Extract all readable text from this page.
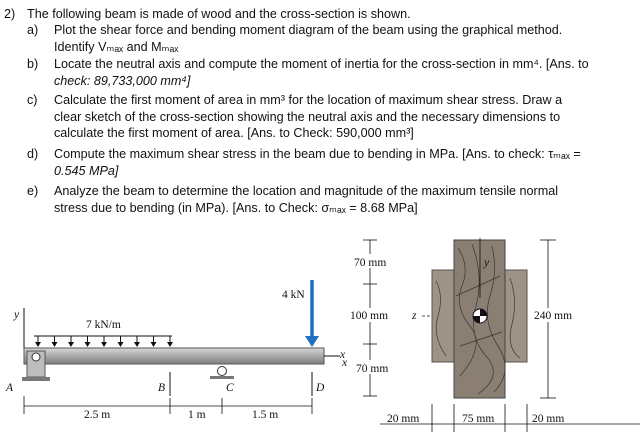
2) The following beam is made of wood and the cross-section is shown.
a) Plot the shear force and bending moment diagram of the beam using the graphical method.
Identify Vₘₐₓ and Mₘₐₓ
b) Locate the neutral axis and compute the moment of inertia for the cross-section in mm⁴. [Ans. to
check: 89,733,000 mm⁴]
c) Calculate the first moment of area in mm³ for the location of maximum shear stress. Draw a
clear sketch of the cross-section showing the neutral axis and the necessary dimensions to
calculate the first moment of area. [Ans. to Check: 590,000 mm³]
d) Compute the maximum shear stress in the beam due to bending in MPa. [Ans. to check: τₘₐₓ =
0.545 MPa]
e) Analyze the beam to determine the location and magnitude of the maximum tensile normal
stress due to bending (in MPa). [Ans. to Check: σₘₐₓ = 8.68 MPa]
y
7 kN/m
4 kN
x
A	B	C	D
2.5 m	1 m	1.5 m
70 mm
100 mm
70 mm
x
z
y
240 mm
20 mm	75 mm	20 mm
